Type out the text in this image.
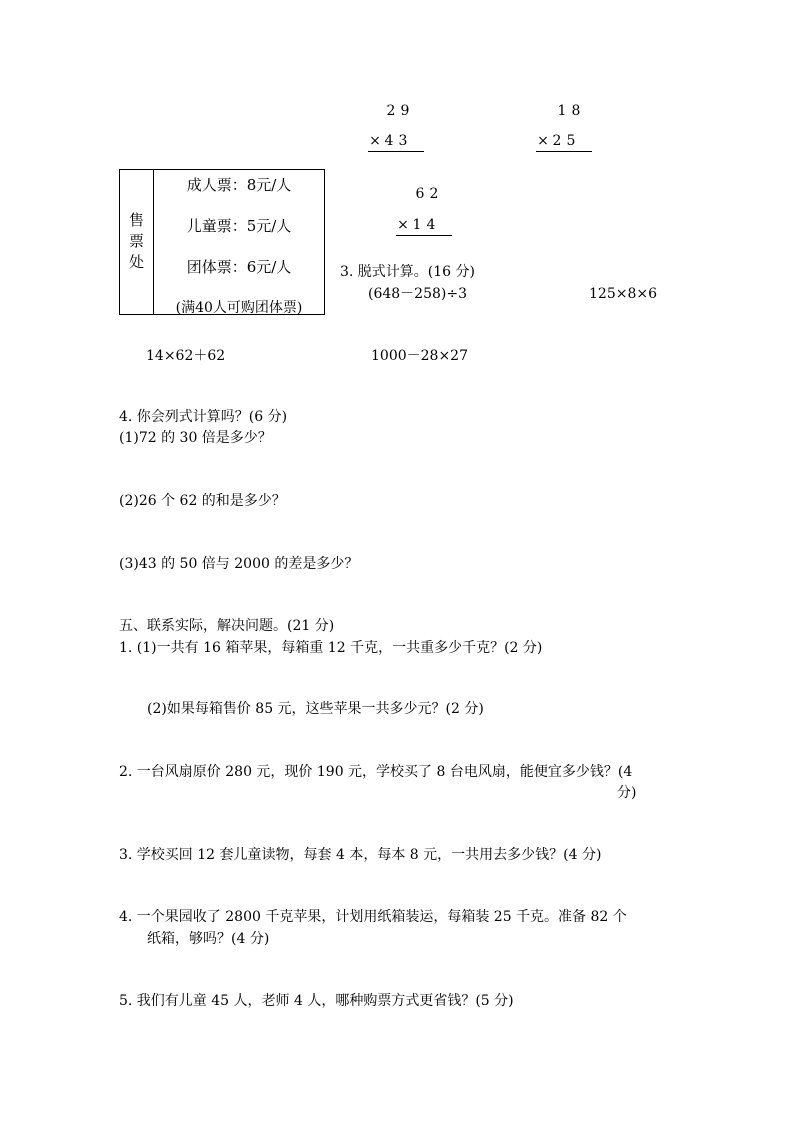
2 9
× 4 3
1 8
× 2 5
6 2
× 1 4
售
票
处
成人票：8元/人
儿童票：5元/人
团体票：6元/人
(满40人可购团体票)
3. 脱式计算。(16 分)
(648－258)÷3	125×8×6
14×62＋62	1000－28×27
4. 你会列式计算吗？(6 分)
(1)72 的 30 倍是多少？
(2)26 个 62 的和是多少？
(3)43 的 50 倍与 2000 的差是多少？
五、联系实际，解决问题。(21 分)
1. (1)一共有 16 箱苹果，每箱重 12 千克，一共重多少千克？(2 分)
(2)如果每箱售价 85 元，这些苹果一共多少元？(2 分)
2. 一台风扇原价 280 元，现价 190 元，学校买了 8 台电风扇，能便宜多少钱？(4
分)
3. 学校买回 12 套儿童读物，每套 4 本，每本 8 元，一共用去多少钱？(4 分)
4. 一个果园收了 2800 千克苹果，计划用纸箱装运，每箱装 25 千克。准备 82 个
纸箱，够吗？(4 分)
5. 我们有儿童 45 人，老师 4 人，哪种购票方式更省钱？(5 分)
